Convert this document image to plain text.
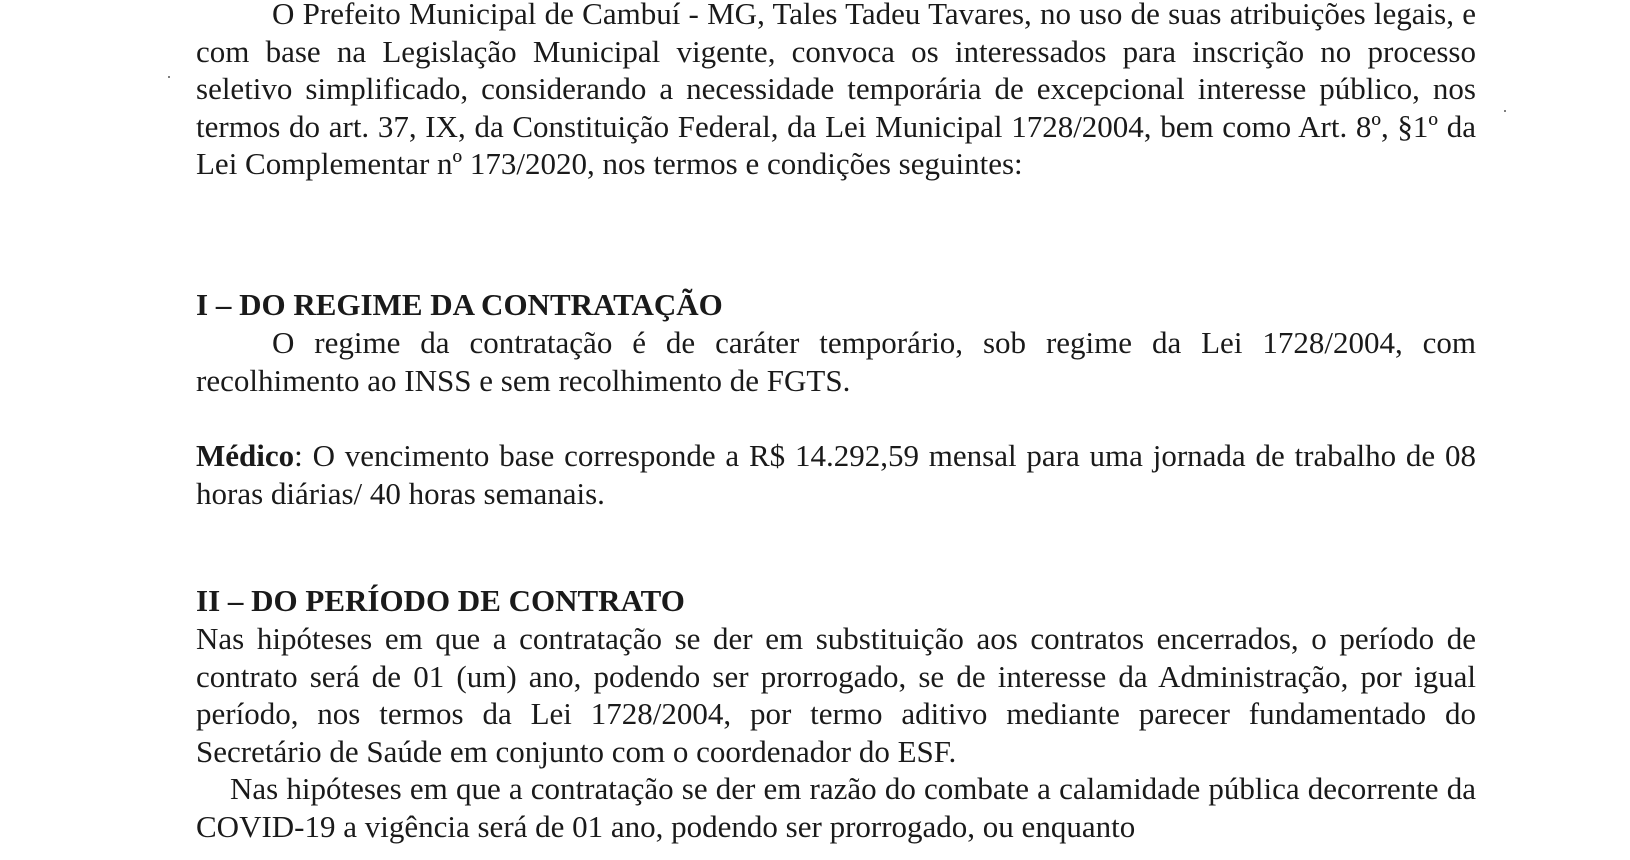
O Prefeito Municipal de Cambuí - MG, Tales Tadeu Tavares, no uso de suas atribuições legais, e com base na Legislação Municipal vigente, convoca os interessados para inscrição no processo seletivo simplificado, considerando a necessidade temporária de excepcional interesse público, nos termos do art. 37, IX, da Constituição Federal, da Lei Municipal 1728/2004, bem como Art. 8º, §1º da Lei Complementar nº 173/2020, nos termos e condições seguintes:

I – DO REGIME DA CONTRATAÇÃO

O regime da contratação é de caráter temporário, sob regime da Lei 1728/2004, com recolhimento ao INSS e sem recolhimento de FGTS.

Médico: O vencimento base corresponde a R$ 14.292,59 mensal para uma jornada de trabalho de 08 horas diárias/ 40 horas semanais.

II – DO PERÍODO DE CONTRATO

Nas hipóteses em que a contratação se der em substituição aos contratos encerrados, o período de contrato será de 01 (um) ano, podendo ser prorrogado, se de interesse da Administração, por igual período, nos termos da Lei 1728/2004, por termo aditivo mediante parecer fundamentado do Secretário de Saúde em conjunto com o coordenador do ESF.

Nas hipóteses em que a contratação se der em razão do combate a calamidade pública decorrente da COVID-19 a vigência será de 01 ano, podendo ser prorrogado, ou enquanto
